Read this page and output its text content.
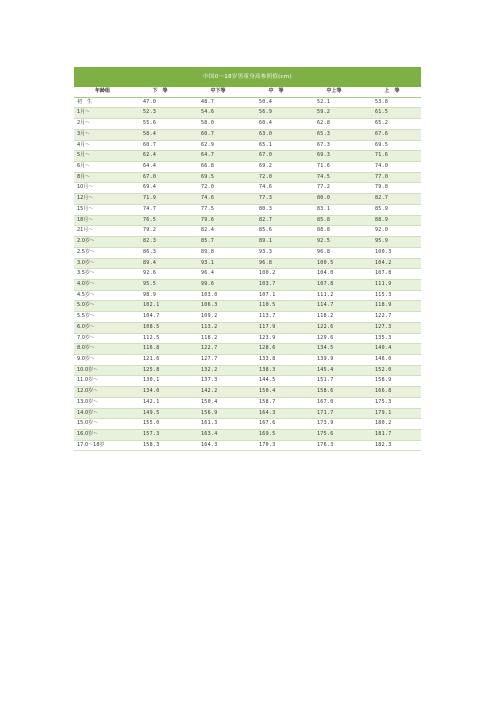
中国0～18岁男童身高参照值(cm)
年龄组	下　等	中下等	中　等	中上等	上　等
初　生	47.0	48.7	50.4	52.1	53.8
1月～	52.3	54.6	56.9	59.2	61.5
2月～	55.6	58.0	60.4	62.8	65.2
3月～	58.4	60.7	63.0	65.3	67.6
4月～	60.7	62.9	65.1	67.3	69.5
5月～	62.4	64.7	67.0	69.3	71.6
6月～	64.4	66.8	69.2	71.6	74.0
8月～	67.0	69.5	72.0	74.5	77.0
10月～	69.4	72.0	74.6	77.2	79.8
12月～	71.9	74.6	77.3	80.0	82.7
15月～	74.7	77.5	80.3	83.1	85.9
18月～	76.5	79.6	82.7	85.8	88.9
21月～	79.2	82.4	85.6	88.8	92.0
2.0岁～	82.3	85.7	89.1	92.5	95.9
2.5岁～	86.3	89.8	93.3	96.8	100.3
3.0岁～	89.4	93.1	96.8	100.5	104.2
3.5岁～	92.6	96.4	100.2	104.0	107.8
4.0岁～	95.5	99.6	103.7	107.8	111.9
4.5岁～	98.9	103.0	107.1	111.2	115.3
5.0岁～	102.1	106.3	110.5	114.7	118.9
5.5岁～	104.7	109.2	113.7	118.2	122.7
6.0岁～	108.5	113.2	117.9	122.6	127.3
7.0岁～	112.5	118.2	123.9	129.6	135.3
8.0岁～	116.8	122.7	128.6	134.5	140.4
9.0岁～	121.6	127.7	133.8	139.9	146.0
10.0岁～	125.8	132.2	138.3	145.4	152.0
11.0岁～	130.1	137.3	144.5	151.7	158.9
12.0岁～	134.0	142.2	150.4	158.6	166.8
13.0岁～	142.1	150.4	158.7	167.0	175.3
14.0岁～	149.5	156.9	164.3	171.7	179.1
15.0岁～	155.0	161.3	167.6	173.9	180.2
16.0岁～	157.3	163.4	169.5	175.6	181.7
17.0～18岁	158.3	164.3	170.3	176.3	182.3
